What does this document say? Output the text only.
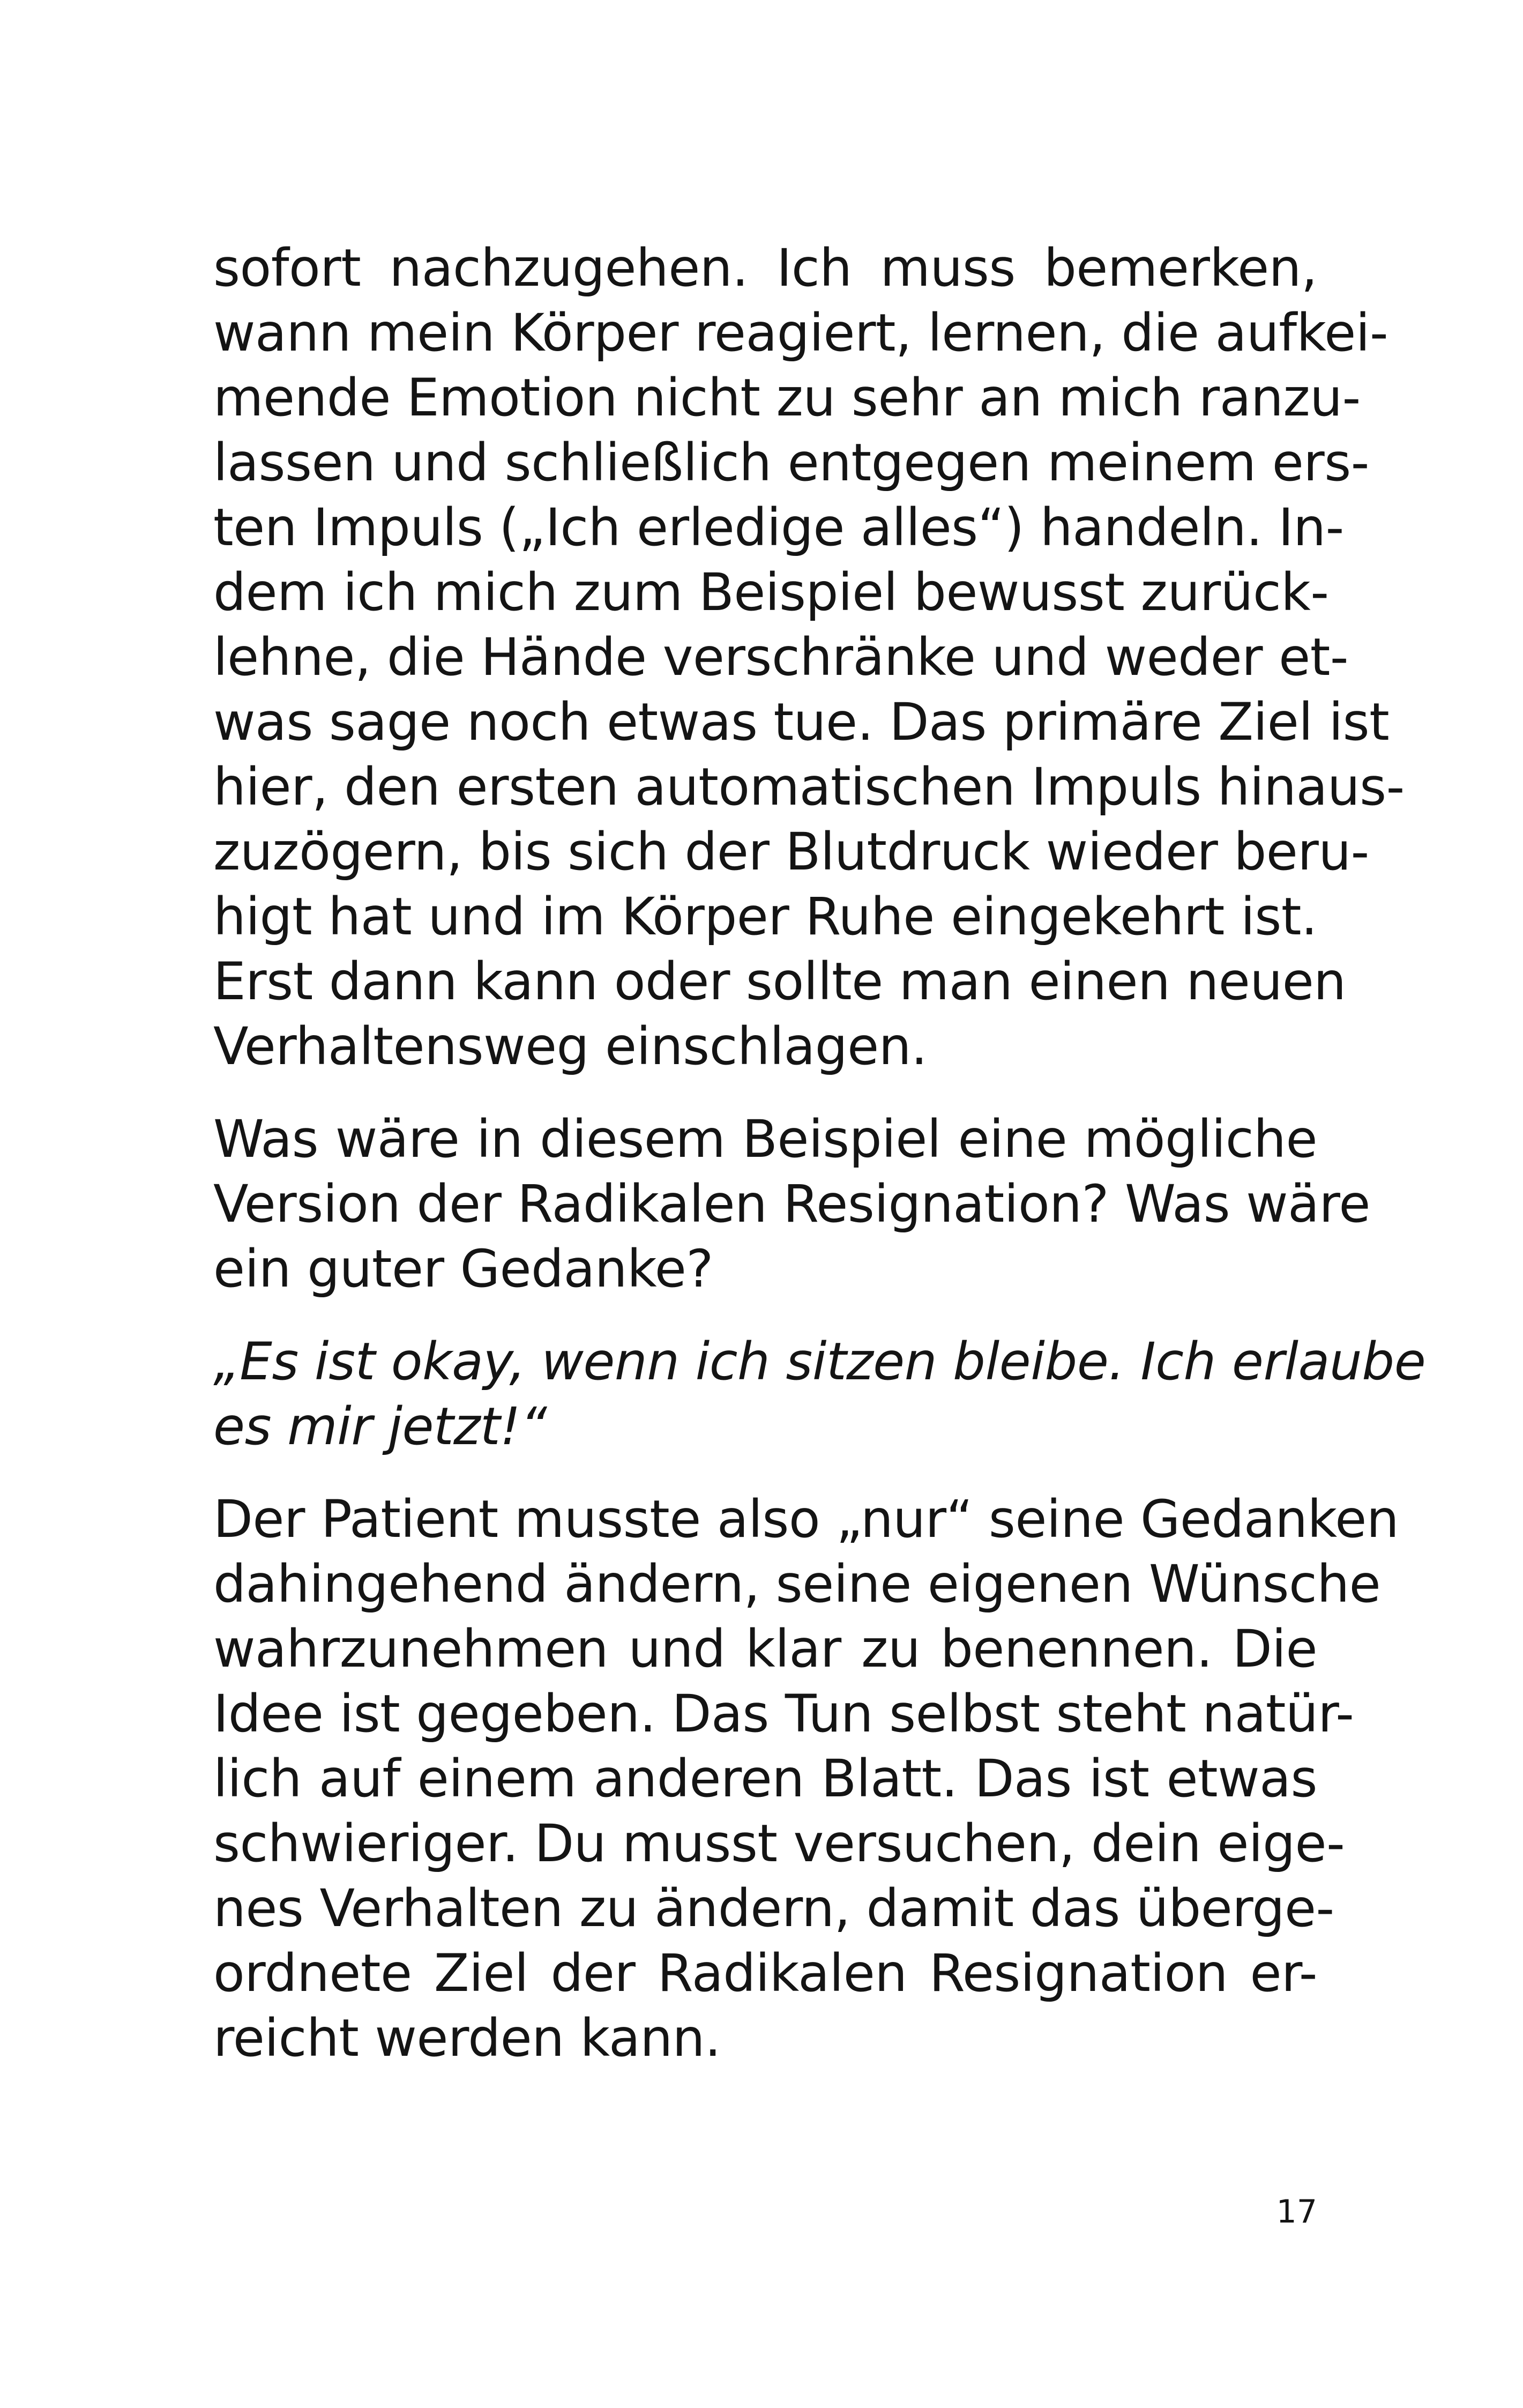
sofort nachzugehen. Ich muss bemerken,
wann mein Körper reagiert, lernen, die aufkei-
mende Emotion nicht zu sehr an mich ranzu-
lassen und schließlich entgegen meinem ers-
ten Impuls („Ich erledige alles“) handeln. In-
dem ich mich zum Beispiel bewusst zurück-
lehne, die Hände verschränke und weder et-
was sage noch etwas tue. Das primäre Ziel ist
hier, den ersten automatischen Impuls hinaus-
zuzögern, bis sich der Blutdruck wieder beru-
higt hat und im Körper Ruhe eingekehrt ist.
Erst dann kann oder sollte man einen neuen
Verhaltensweg einschlagen.
Was wäre in diesem Beispiel eine mögliche
Version der Radikalen Resignation? Was wäre
ein guter Gedanke?
„Es ist okay, wenn ich sitzen bleibe. Ich erlaube
es mir jetzt!“
Der Patient musste also „nur“ seine Gedanken
dahingehend ändern, seine eigenen Wünsche
wahrzunehmen und klar zu benennen. Die
Idee ist gegeben. Das Tun selbst steht natür-
lich auf einem anderen Blatt. Das ist etwas
schwieriger. Du musst versuchen, dein eige-
nes Verhalten zu ändern, damit das überge-
ordnete Ziel der Radikalen Resignation er-
reicht werden kann.
17
